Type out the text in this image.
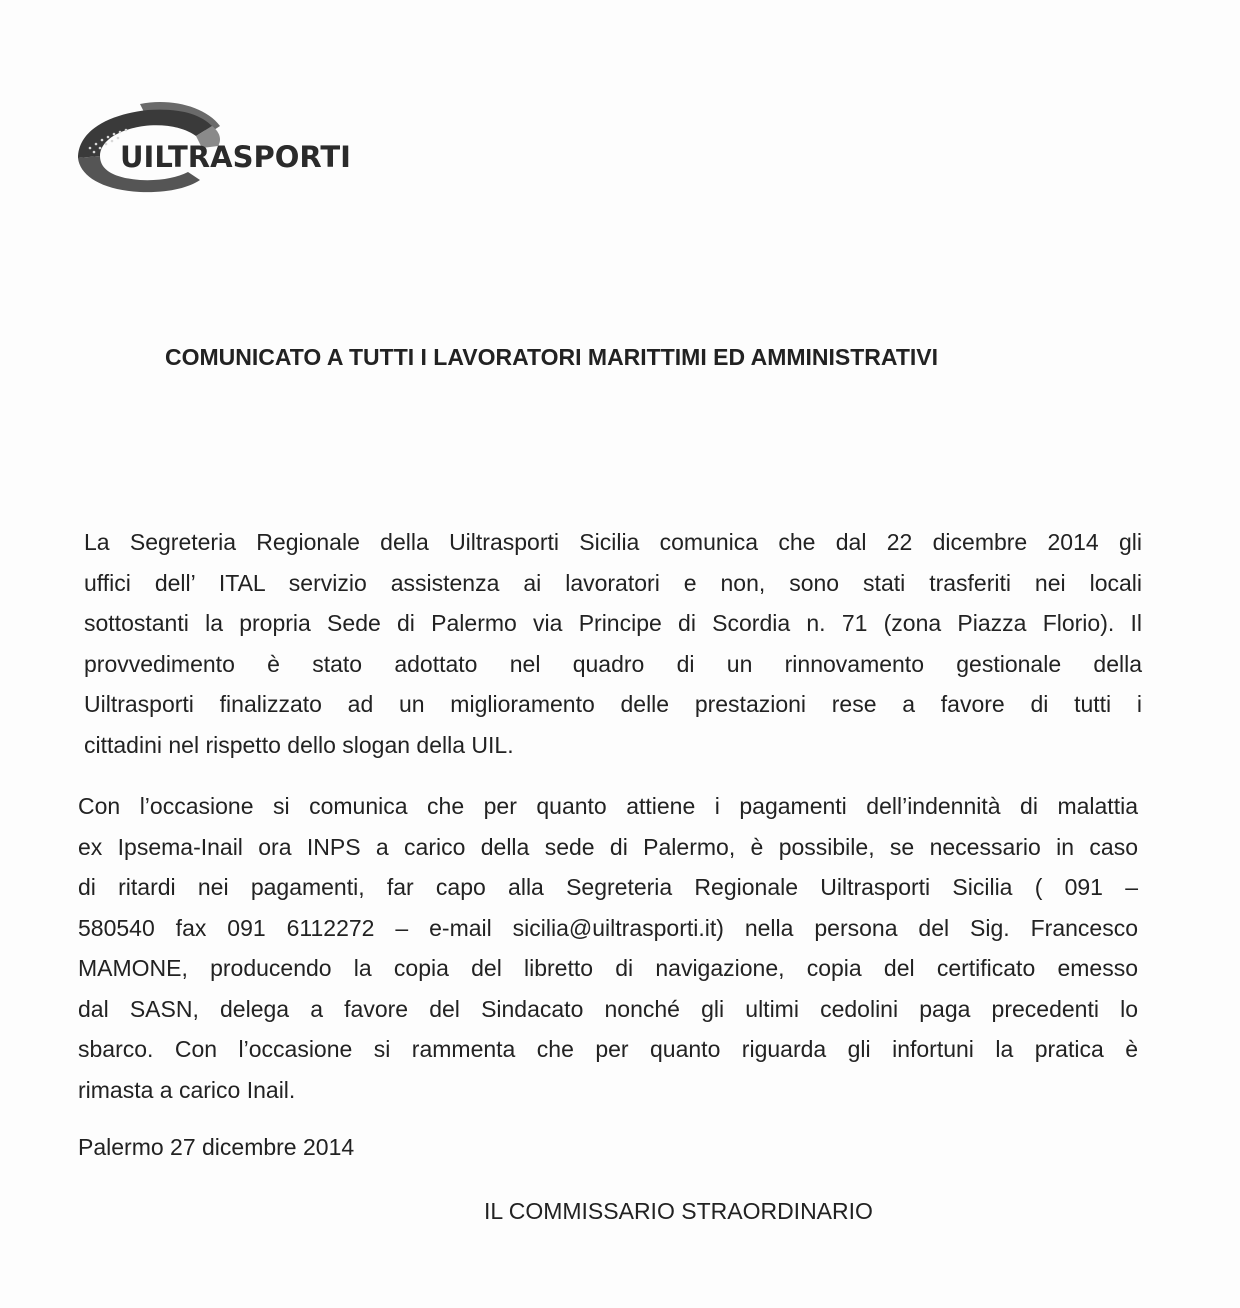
UILTRASPORTI
COMUNICATO A TUTTI I LAVORATORI MARITTIMI ED AMMINISTRATIVI
La Segreteria Regionale della Uiltrasporti Sicilia comunica che dal 22 dicembre 2014 gli
uffici dell’ ITAL servizio assistenza ai lavoratori e non, sono stati trasferiti nei locali
sottostanti la propria Sede di Palermo via Principe di Scordia n. 71 (zona Piazza Florio). Il
provvedimento è stato adottato nel quadro di un rinnovamento gestionale della
Uiltrasporti finalizzato ad un miglioramento delle prestazioni rese a favore di tutti i
cittadini nel rispetto dello slogan della UIL.
Con l’occasione si comunica che per quanto attiene i pagamenti dell’indennità di malattia
ex Ipsema-Inail ora INPS a carico della sede di Palermo, è possibile, se necessario in caso
di ritardi nei pagamenti, far capo alla Segreteria Regionale Uiltrasporti Sicilia ( 091 –
580540 fax 091 6112272 – e-mail sicilia@uiltrasporti.it) nella persona del Sig. Francesco
MAMONE, producendo la copia del libretto di navigazione, copia del certificato emesso
dal SASN, delega a favore del Sindacato nonché gli ultimi cedolini paga precedenti lo
sbarco. Con l’occasione si rammenta che per quanto riguarda gli infortuni la pratica è
rimasta a carico Inail.
Palermo 27 dicembre 2014
IL COMMISSARIO STRAORDINARIO
